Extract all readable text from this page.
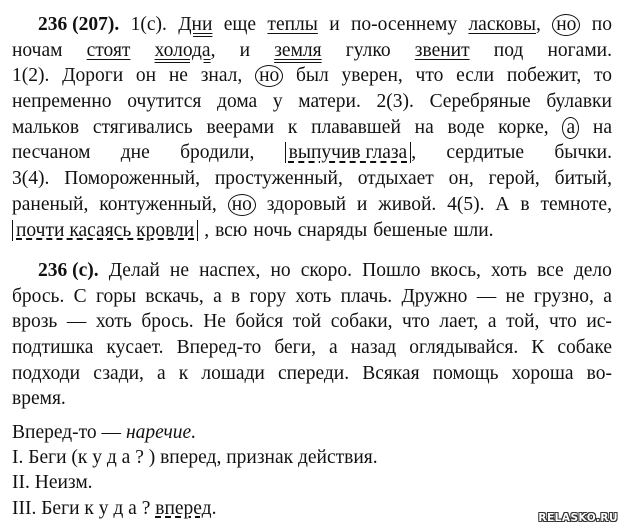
236 (207). 1(с). Дни еще теплы и по-осеннему ласковы, но по
ночам стоят холода, и земля гулко звенит под ногами.
1(2). Дороги он не знал, но был уверен, что если побежит, то
непременно очутится дома у матери. 2(3). Серебряные булавки
мальков стягивались веерами к плававшей на воде корке, а на
песчаном дне бродили, выпучив глаза , сердитые бычки.
3(4). Помороженный, простуженный, отдыхает он, герой, битый,
раненый, контуженный, но здоровый и живой. 4(5). А в темноте,
почти касаясь кровли , всю ночь снаряды бешеные шли.
236 (с). Делай не наспех, но скоро. Пошло вкось, хоть все дело
брось. С горы вскачь, а в гору хоть плачь. Дружно — не грузно, а
врозь — хоть брось. Не бойся той собаки, что лает, а той, что ис-
подтишка кусает. Вперед-то беги, а назад оглядывайся. К собаке
подходи сзади, а к лошади спереди. Всякая помощь хороша во-
время.
Вперед-то — наречие.
I. Беги (к у д а ? ) вперед, признак действия.
II. Неизм.
III. Беги к у д а ? вперед.	RELASKO.RU
